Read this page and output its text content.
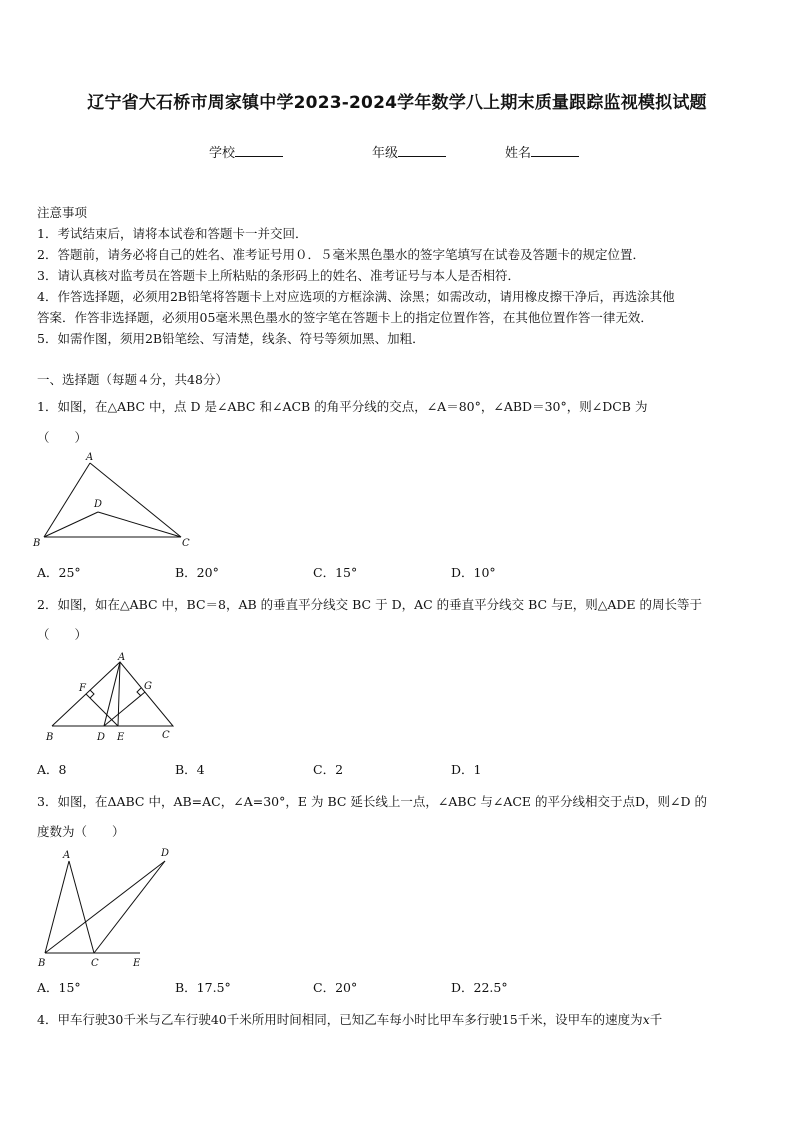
辽宁省大石桥市周家镇中学2023-2024学年数学八上期末质量跟踪监视模拟试题
学校	年级	姓名
注意事项
1．考试结束后，请将本试卷和答题卡一并交回．
2．答题前，请务必将自己的姓名、准考证号用０．５毫米黑色墨水的签字笔填写在试卷及答题卡的规定位置．
3．请认真核对监考员在答题卡上所粘贴的条形码上的姓名、准考证号与本人是否相符．
4．作答选择题，必须用2B铅笔将答题卡上对应选项的方框涂满、涂黑；如需改动，请用橡皮擦干净后，再选涂其他
答案．作答非选择题，必须用05毫米黑色墨水的签字笔在答题卡上的指定位置作答，在其他位置作答一律无效．
5．如需作图，须用2B铅笔绘、写清楚，线条、符号等须加黑、加粗．
一、选择题（每题４分，共48分）
1．如图，在△ABC 中，点 D 是∠ABC 和∠ACB 的角平分线的交点，∠A＝80°，∠ABD＝30°，则∠DCB 为
（　　）
A
B	C
D
A．25°	B．20°	C．15°	D．10°
2．如图，如在△ABC 中，BC＝8，AB 的垂直平分线交 BC 于 D，AC 的垂直平分线交 BC 与E，则△ADE 的周长等于
（　　）
A
B	C
D E
F	G
A．8	B．4	C．2	D．1
3．如图，在ΔABC 中，AB=AC，∠A=30°，E 为 BC 延长线上一点，∠ABC 与∠ACE 的平分线相交于点D，则∠D 的
度数为（　　）
A
B	C
D
E
A．15°	B．17.5°	C．20°	D．22.5°
4．甲车行驶30千米与乙车行驶40千米所用时间相同，已知乙车每小时比甲车多行驶15千米，设甲车的速度为x千
